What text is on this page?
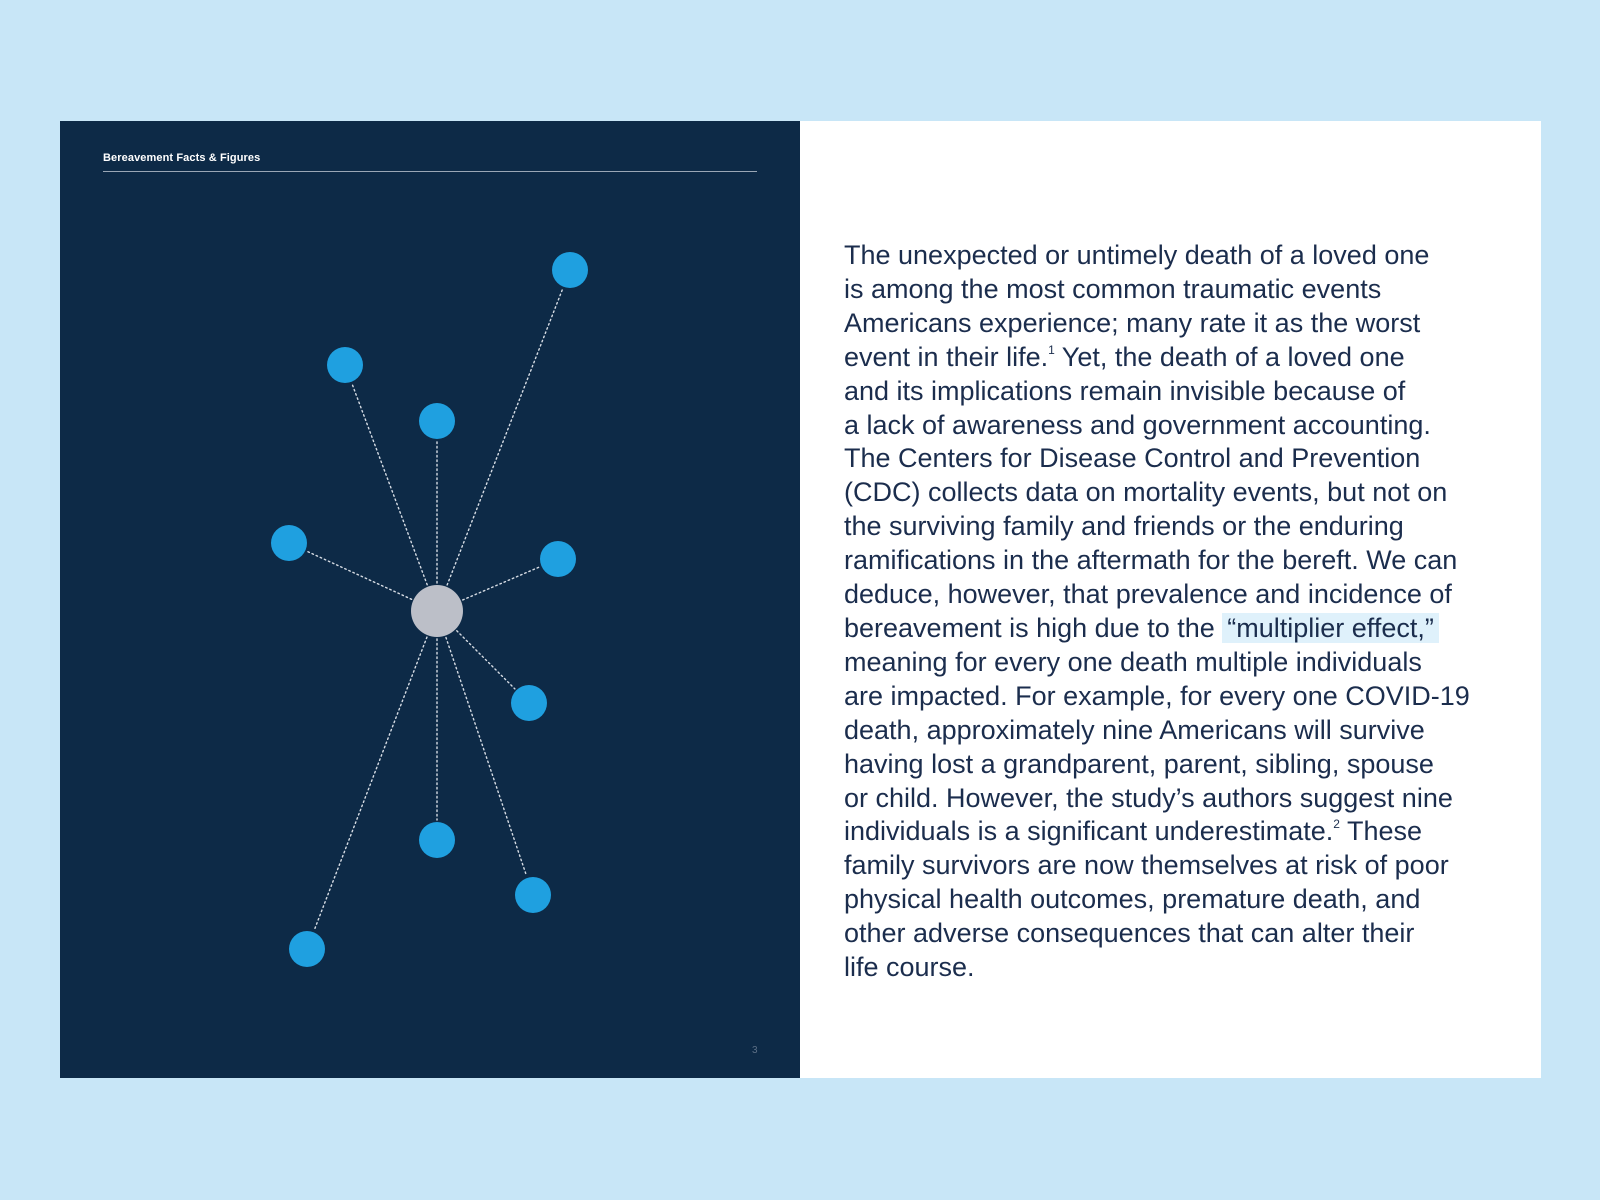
Bereavement Facts & Figures

The unexpected or untimely death of a loved one
is among the most common traumatic events
Americans experience; many rate it as the worst
event in their life.$^1$ Yet, the death of a loved one
and its implications remain invisible because of
a lack of awareness and government accounting.
The Centers for Disease Control and Prevention
(CDC) collects data on mortality events, but not on
the surviving family and friends or the enduring
ramifications in the aftermath for the bereft. We can
deduce, however, that prevalence and incidence of
bereavement is high due to the “multiplier effect,”
meaning for every one death multiple individuals
are impacted. For example, for every one COVID-19
death, approximately nine Americans will survive
having lost a grandparent, parent, sibling, spouse
or child. However, the study’s authors suggest nine
individuals is a significant underestimate.$^2$ These
family survivors are now themselves at risk of poor
physical health outcomes, premature death, and
other adverse consequences that can alter their
life course.

3
